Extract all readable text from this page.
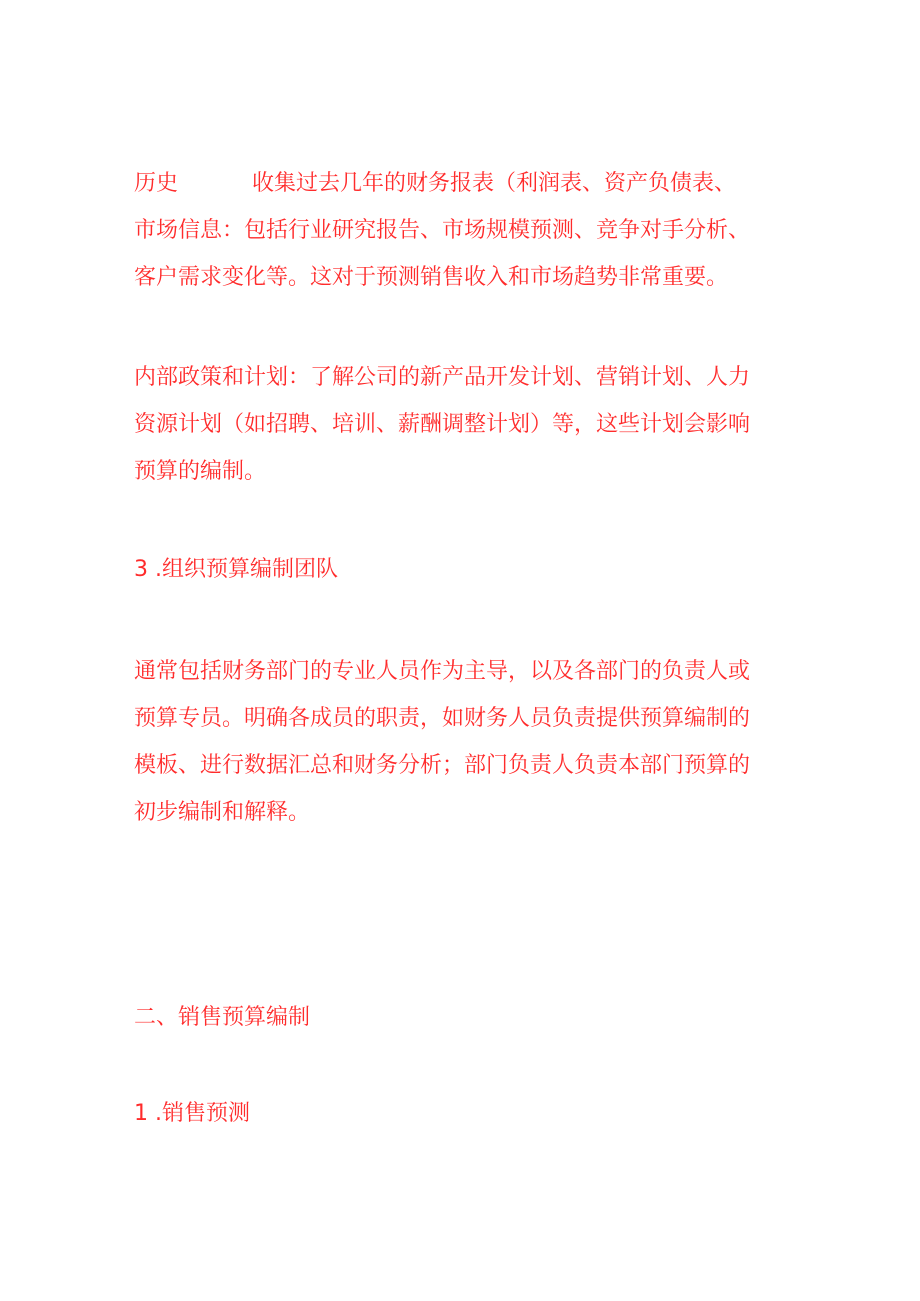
历史	收集过去几年的财务报表（利润表、资产负债表、
市场信息：包括行业研究报告、市场规模预测、竞争对手分析、
客户需求变化等。这对于预测销售收入和市场趋势非常重要。
内部政策和计划：了解公司的新产品开发计划、营销计划、人力
资源计划（如招聘、培训、薪酬调整计划）等，这些计划会影响
预算的编制。
3 .组织预算编制团队
通常包括财务部门的专业人员作为主导，以及各部门的负责人或
预算专员。明确各成员的职责，如财务人员负责提供预算编制的
模板、进行数据汇总和财务分析；部门负责人负责本部门预算的
初步编制和解释。
二、销售预算编制
1 .销售预测
